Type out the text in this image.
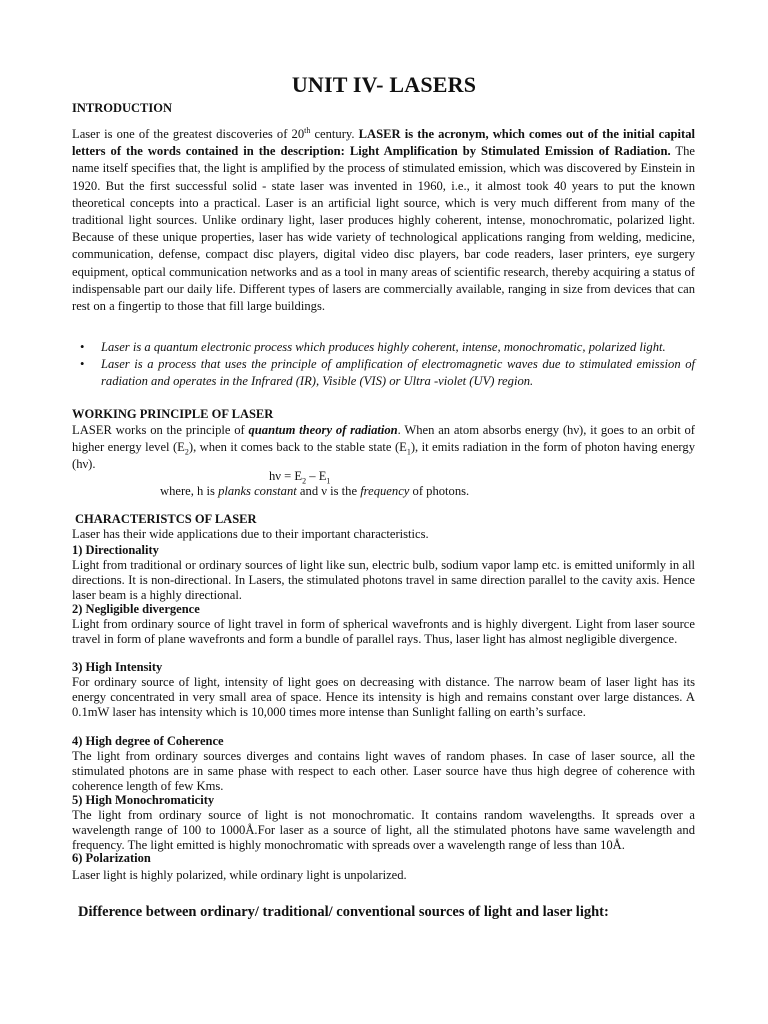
UNIT IV- LASERS
INTRODUCTION
Laser is one of the greatest discoveries of 20th century. LASER is the acronym, which comes out of the initial capital letters of the words contained in the description: Light Amplification by Stimulated Emission of Radiation. The name itself specifies that, the light is amplified by the process of stimulated emission, which was discovered by Einstein in 1920. But the first successful solid - state laser was invented in 1960, i.e., it almost took 40 years to put the known theoretical concepts into a practical. Laser is an artificial light source, which is very much different from many of the traditional light sources. Unlike ordinary light, laser produces highly coherent, intense, monochromatic, polarized light. Because of these unique properties, laser has wide variety of technological applications ranging from welding, medicine, communication, defense, compact disc players, digital video disc players, bar code readers, laser printers, eye surgery equipment, optical communication networks and as a tool in many areas of scientific research, thereby acquiring a status of indispensable part our daily life. Different types of lasers are commercially available, ranging in size from devices that can rest on a fingertip to those that fill large buildings.
• Laser is a quantum electronic process which produces highly coherent, intense, monochromatic, polarized light.
• Laser is a process that uses the principle of amplification of electromagnetic waves due to stimulated emission of radiation and operates in the Infrared (IR), Visible (VIS) or Ultra -violet (UV) region.
WORKING PRINCIPLE OF LASER
LASER works on the principle of quantum theory of radiation. When an atom absorbs energy (hν), it goes to an orbit of higher energy level $(E_2)$, when it comes back to the stable state $(E_1)$, it emits radiation in the form of photon having energy (hν).
$h\nu = E_2 - E_1$
where, h is planks constant and ν is the frequency of photons.
CHARACTERISTCS OF LASER
Laser has their wide applications due to their important characteristics.
1) Directionality
Light from traditional or ordinary sources of light like sun, electric bulb, sodium vapor lamp etc. is emitted uniformly in all directions. It is non-directional. In Lasers, the stimulated photons travel in same direction parallel to the cavity axis. Hence laser beam is a highly directional.
2) Negligible divergence
Light from ordinary source of light travel in form of spherical wavefronts and is highly divergent. Light from laser source travel in form of plane wavefronts and form a bundle of parallel rays. Thus, laser light has almost negligible divergence.
3) High Intensity
For ordinary source of light, intensity of light goes on decreasing with distance. The narrow beam of laser light has its energy concentrated in very small area of space. Hence its intensity is high and remains constant over large distances. A 0.1mW laser has intensity which is 10,000 times more intense than Sunlight falling on earth’s surface.
4) High degree of Coherence
The light from ordinary sources diverges and contains light waves of random phases. In case of laser source, all the stimulated photons are in same phase with respect to each other. Laser source have thus high degree of coherence with coherence length of few Kms.
5) High Monochromaticity
The light from ordinary source of light is not monochromatic. It contains random wavelengths. It spreads over a wavelength range of 100 to 1000Å.For laser as a source of light, all the stimulated photons have same wavelength and frequency. The light emitted is highly monochromatic with spreads over a wavelength range of less than 10Å.
6) Polarization
Laser light is highly polarized, while ordinary light is unpolarized.
Difference between ordinary/ traditional/ conventional sources of light and laser light:
